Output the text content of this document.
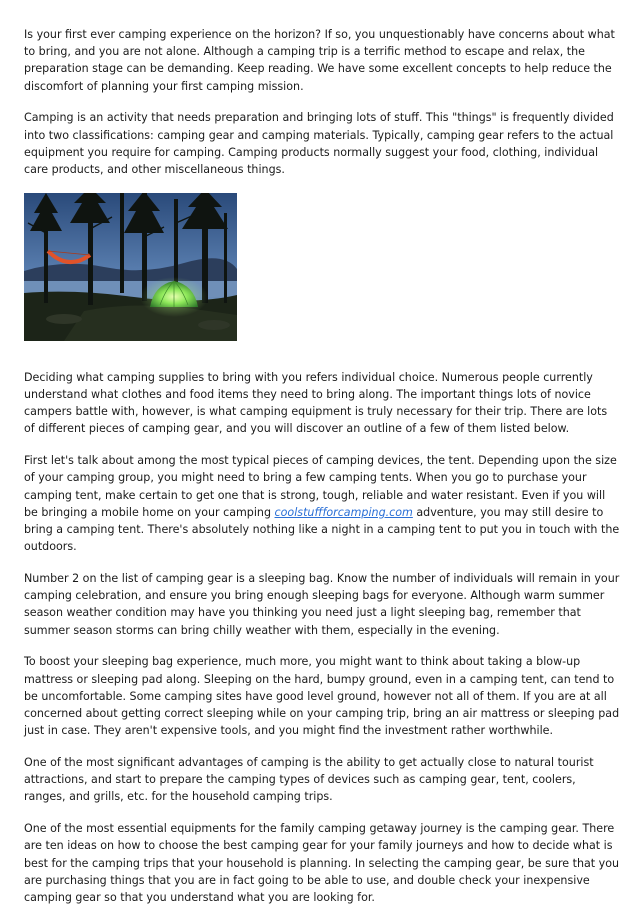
Is your first ever camping experience on the horizon? If so, you unquestionably have concerns about what to bring, and you are not alone. Although a camping trip is a terrific method to escape and relax, the preparation stage can be demanding. Keep reading. We have some excellent concepts to help reduce the discomfort of planning your first camping mission.

Camping is an activity that needs preparation and bringing lots of stuff. This "things" is frequently divided into two classifications: camping gear and camping materials. Typically, camping gear refers to the actual equipment you require for camping. Camping products normally suggest your food, clothing, individual care products, and other miscellaneous things.

Deciding what camping supplies to bring with you refers individual choice. Numerous people currently understand what clothes and food items they need to bring along. The important things lots of novice campers battle with, however, is what camping equipment is truly necessary for their trip. There are lots of different pieces of camping gear, and you will discover an outline of a few of them listed below.

First let's talk about among the most typical pieces of camping devices, the tent. Depending upon the size of your camping group, you might need to bring a few camping tents. When you go to purchase your camping tent, make certain to get one that is strong, tough, reliable and water resistant. Even if you will be bringing a mobile home on your camping coolstuffforcamping.com adventure, you may still desire to bring a camping tent. There's absolutely nothing like a night in a camping tent to put you in touch with the outdoors.

Number 2 on the list of camping gear is a sleeping bag. Know the number of individuals will remain in your camping celebration, and ensure you bring enough sleeping bags for everyone. Although warm summer season weather condition may have you thinking you need just a light sleeping bag, remember that summer season storms can bring chilly weather with them, especially in the evening.

To boost your sleeping bag experience, much more, you might want to think about taking a blow-up mattress or sleeping pad along. Sleeping on the hard, bumpy ground, even in a camping tent, can tend to be uncomfortable. Some camping sites have good level ground, however not all of them. If you are at all concerned about getting correct sleeping while on your camping trip, bring an air mattress or sleeping pad just in case. They aren't expensive tools, and you might find the investment rather worthwhile.

One of the most significant advantages of camping is the ability to get actually close to natural tourist attractions, and start to prepare the camping types of devices such as camping gear, tent, coolers, ranges, and grills, etc. for the household camping trips.

One of the most essential equipments for the family camping getaway journey is the camping gear. There are ten ideas on how to choose the best camping gear for your family journeys and how to decide what is best for the camping trips that your household is planning. In selecting the camping gear, be sure that you are purchasing things that you are in fact going to be able to use, and double check your inexpensive camping gear so that you understand what you are looking for.
